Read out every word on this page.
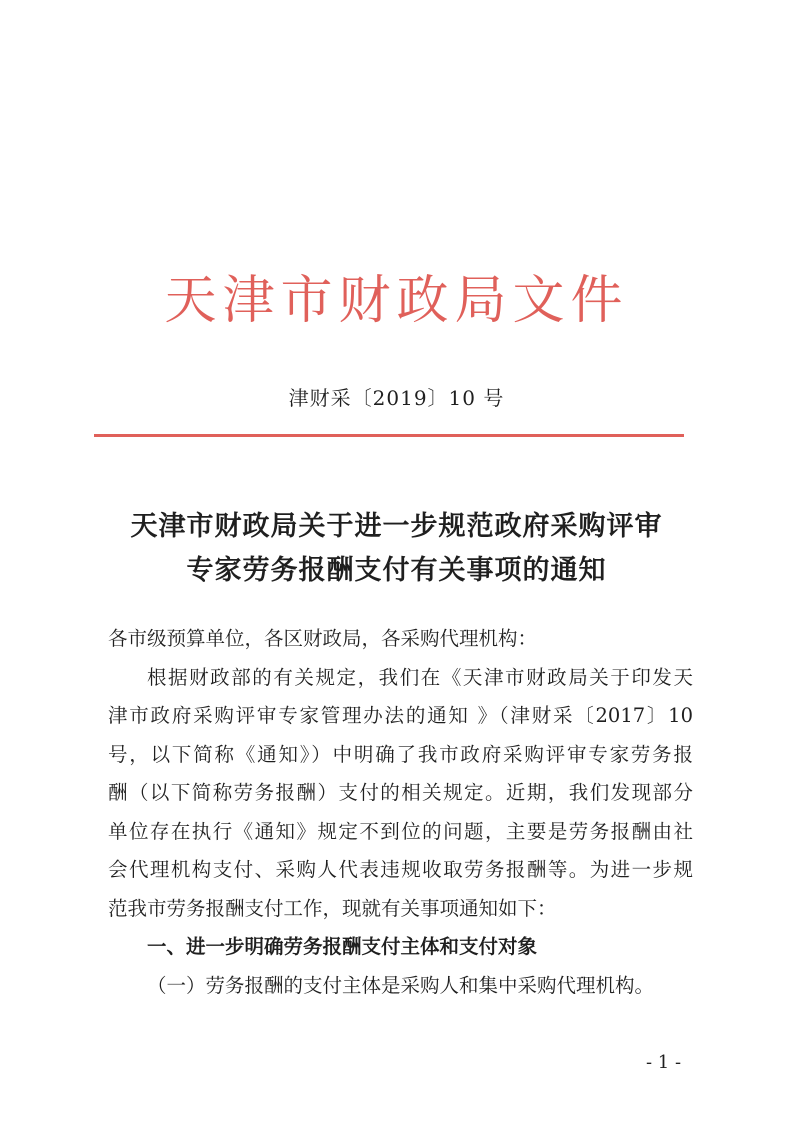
天津市财政局文件
津财采〔2019〕10 号
天津市财政局关于进一步规范政府采购评审
专家劳务报酬支付有关事项的通知

各市级预算单位，各区财政局，各采购代理机构：

根据财政部的有关规定，我们在《天津市财政局关于印发天
津市政府采购评审专家管理办法的通知 》（津财采〔2017〕10
号，以下简称《通知》）中明确了我市政府采购评审专家劳务报
酬（以下简称劳务报酬）支付的相关规定。近期，我们发现部分
单位存在执行《通知》规定不到位的问题，主要是劳务报酬由社
会代理机构支付、采购人代表违规收取劳务报酬等。为进一步规
范我市劳务报酬支付工作，现就有关事项通知如下：

一、进一步明确劳务报酬支付主体和支付对象

（一）劳务报酬的支付主体是采购人和集中采购代理机构。

- 1 -
